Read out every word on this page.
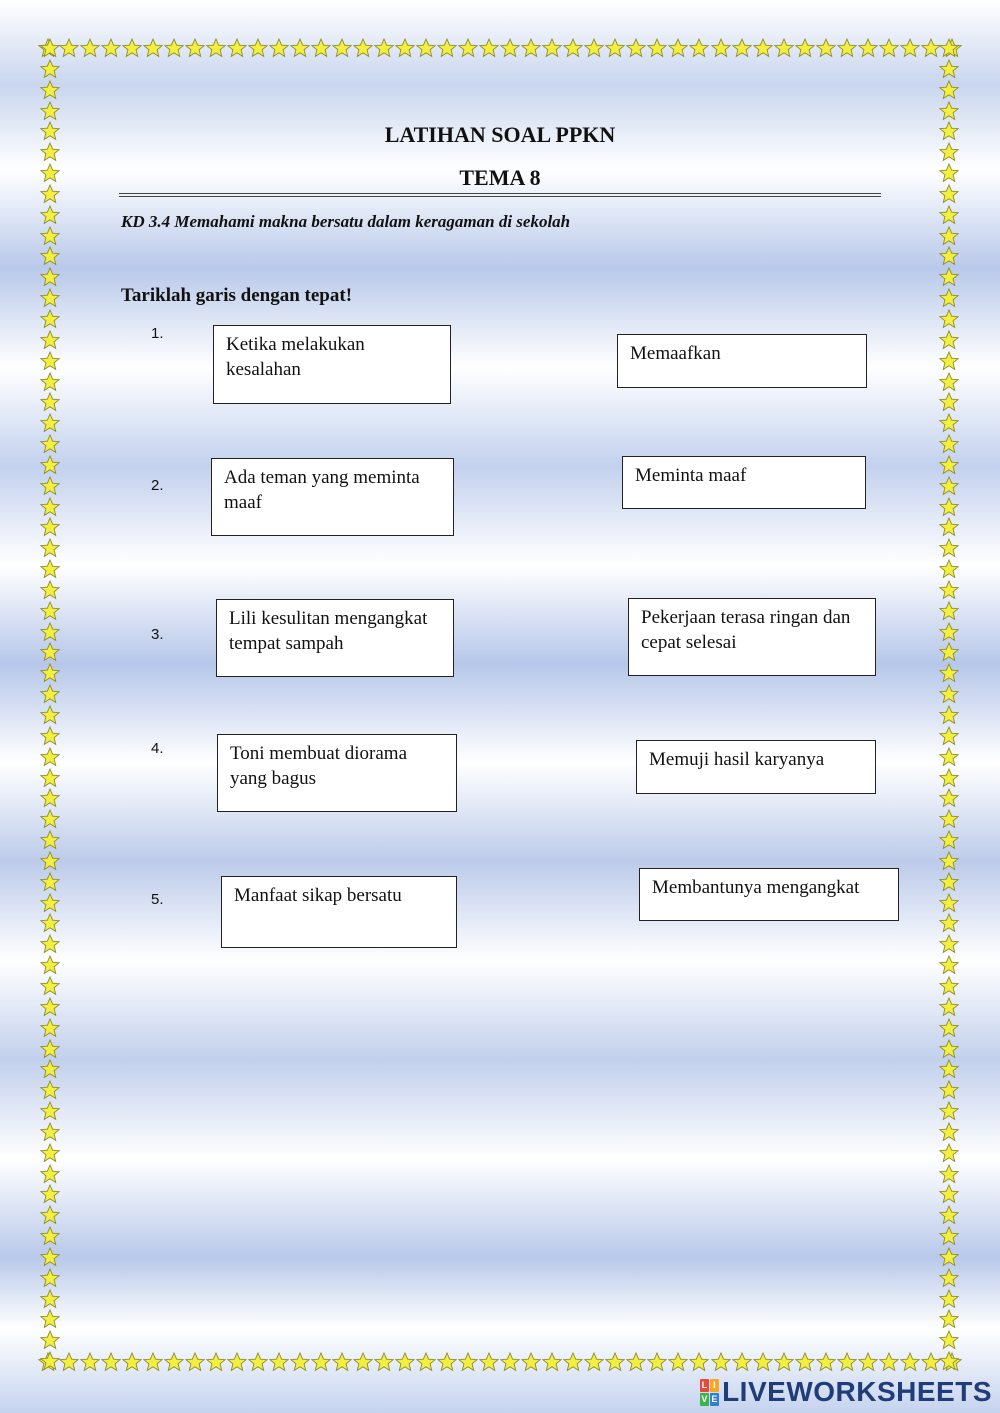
LATIHAN SOAL PPKN
TEMA 8
KD 3.4 Memahami makna bersatu dalam keragaman di sekolah
Tariklah garis dengan tepat!
1.
Ketika melakukan kesalahan
2.	Ada teman yang meminta maaf
3.
Lili kesulitan mengangkat tempat sampah
4.	Toni membuat diorama yang bagus
5.	Manfaat sikap bersatu
Memaafkan
Meminta maaf
Pekerjaan terasa ringan dan cepat selesai
Memuji hasil karyanya
Membantunya mengangkat
L I
V E LIVEWORKSHEETS
